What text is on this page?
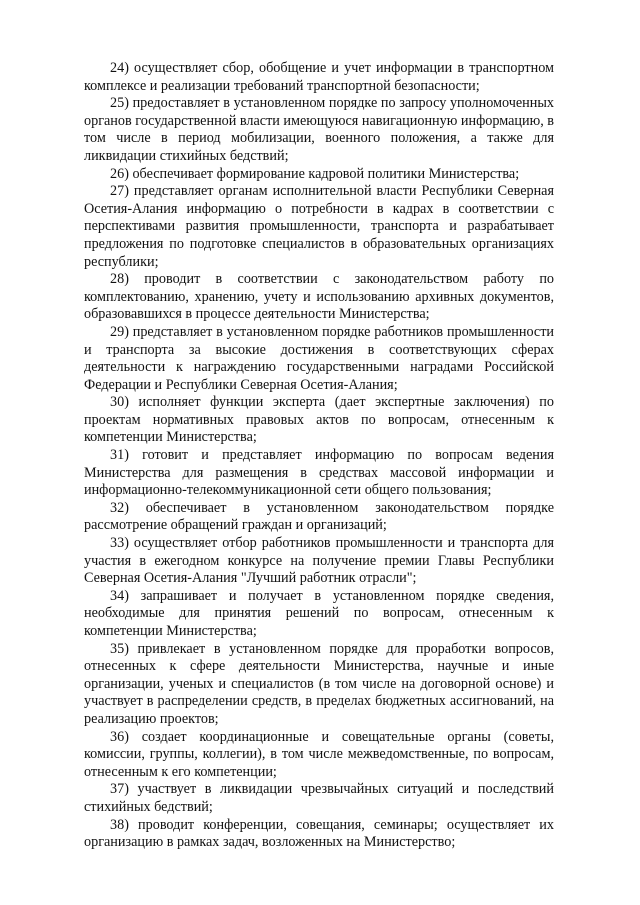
24) осуществляет сбор, обобщение и учет информации в транспортном комплексе и реализации требований транспортной безопасности;

25) предоставляет в установленном порядке по запросу уполномоченных органов государственной власти имеющуюся навигационную информацию, в том числе в период мобилизации, военного положения, а также для ликвидации стихийных бедствий;

26) обеспечивает формирование кадровой политики Министерства;

27) представляет органам исполнительной власти Республики Северная Осетия-Алания информацию о потребности в кадрах в соответствии с перспективами развития промышленности, транспорта и разрабатывает предложения по подготовке специалистов в образовательных организациях республики;

28) проводит в соответствии с законодательством работу по комплектованию, хранению, учету и использованию архивных документов, образовавшихся в процессе деятельности Министерства;

29) представляет в установленном порядке работников промышленности и транспорта за высокие достижения в соответствующих сферах деятельности к награждению государственными наградами Российской Федерации и Республики Северная Осетия-Алания;

30) исполняет функции эксперта (дает экспертные заключения) по проектам нормативных правовых актов по вопросам, отнесенным к компетенции Министерства;

31) готовит и представляет информацию по вопросам ведения Министерства для размещения в средствах массовой информации и информационно-телекоммуникационной сети общего пользования;

32) обеспечивает в установленном законодательством порядке рассмотрение обращений граждан и организаций;

33) осуществляет отбор работников промышленности и транспорта для участия в ежегодном конкурсе на получение премии Главы Республики Северная Осетия-Алания "Лучший работник отрасли";

34) запрашивает и получает в установленном порядке сведения, необходимые для принятия решений по вопросам, отнесенным к компетенции Министерства;

35) привлекает в установленном порядке для проработки вопросов, отнесенных к сфере деятельности Министерства, научные и иные организации, ученых и специалистов (в том числе на договорной основе) и участвует в распределении средств, в пределах бюджетных ассигнований, на реализацию проектов;

36) создает координационные и совещательные органы (советы, комиссии, группы, коллегии), в том числе межведомственные, по вопросам, отнесенным к его компетенции;

37) участвует в ликвидации чрезвычайных ситуаций и последствий стихийных бедствий;

38) проводит конференции, совещания, семинары; осуществляет их организацию в рамках задач, возложенных на Министерство;
